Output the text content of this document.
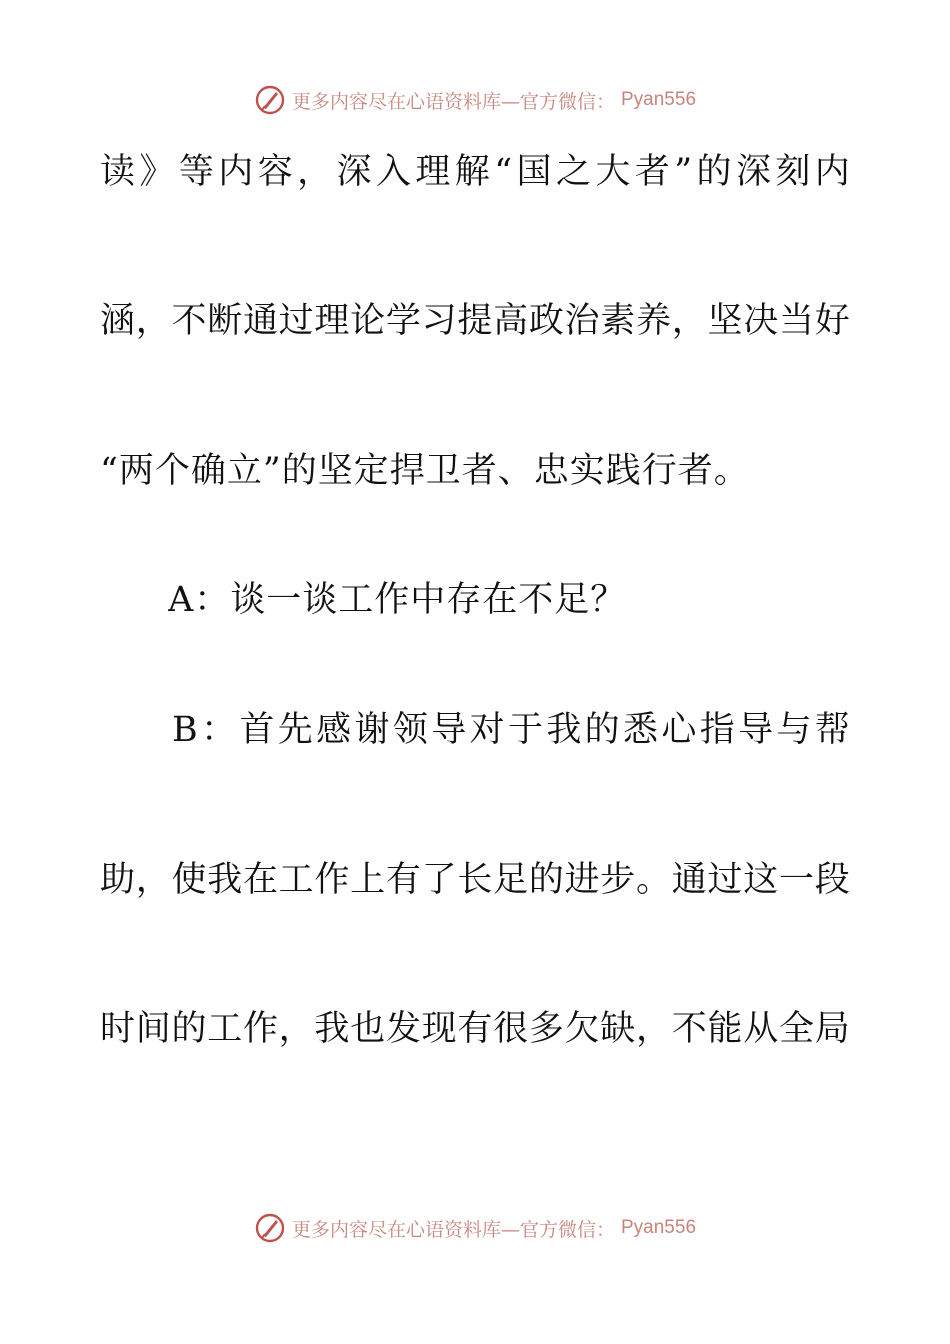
更多内容尽在心语资料库—官方微信： Pyan556
读 》 等 内 容 ， 深 入 理 解 “ 国 之 大 者 ” 的 深 刻 内
涵 ， 不 断 通 过 理 论 学 习 提 高 政 治 素 养 ， 坚 决 当 好
“两个确立”的坚定捍卫者、忠实践行者。
A：谈一谈工作中存在不足？
B ： 首 先 感 谢 领 导 对 于 我 的 悉 心 指 导 与 帮
助 ， 使 我 在 工 作 上 有 了 长 足 的 进 步 。 通 过 这 一 段
时 间 的 工 作 ， 我 也 发 现 有 很 多 欠 缺 ， 不 能 从 全 局
更多内容尽在心语资料库—官方微信： Pyan556
